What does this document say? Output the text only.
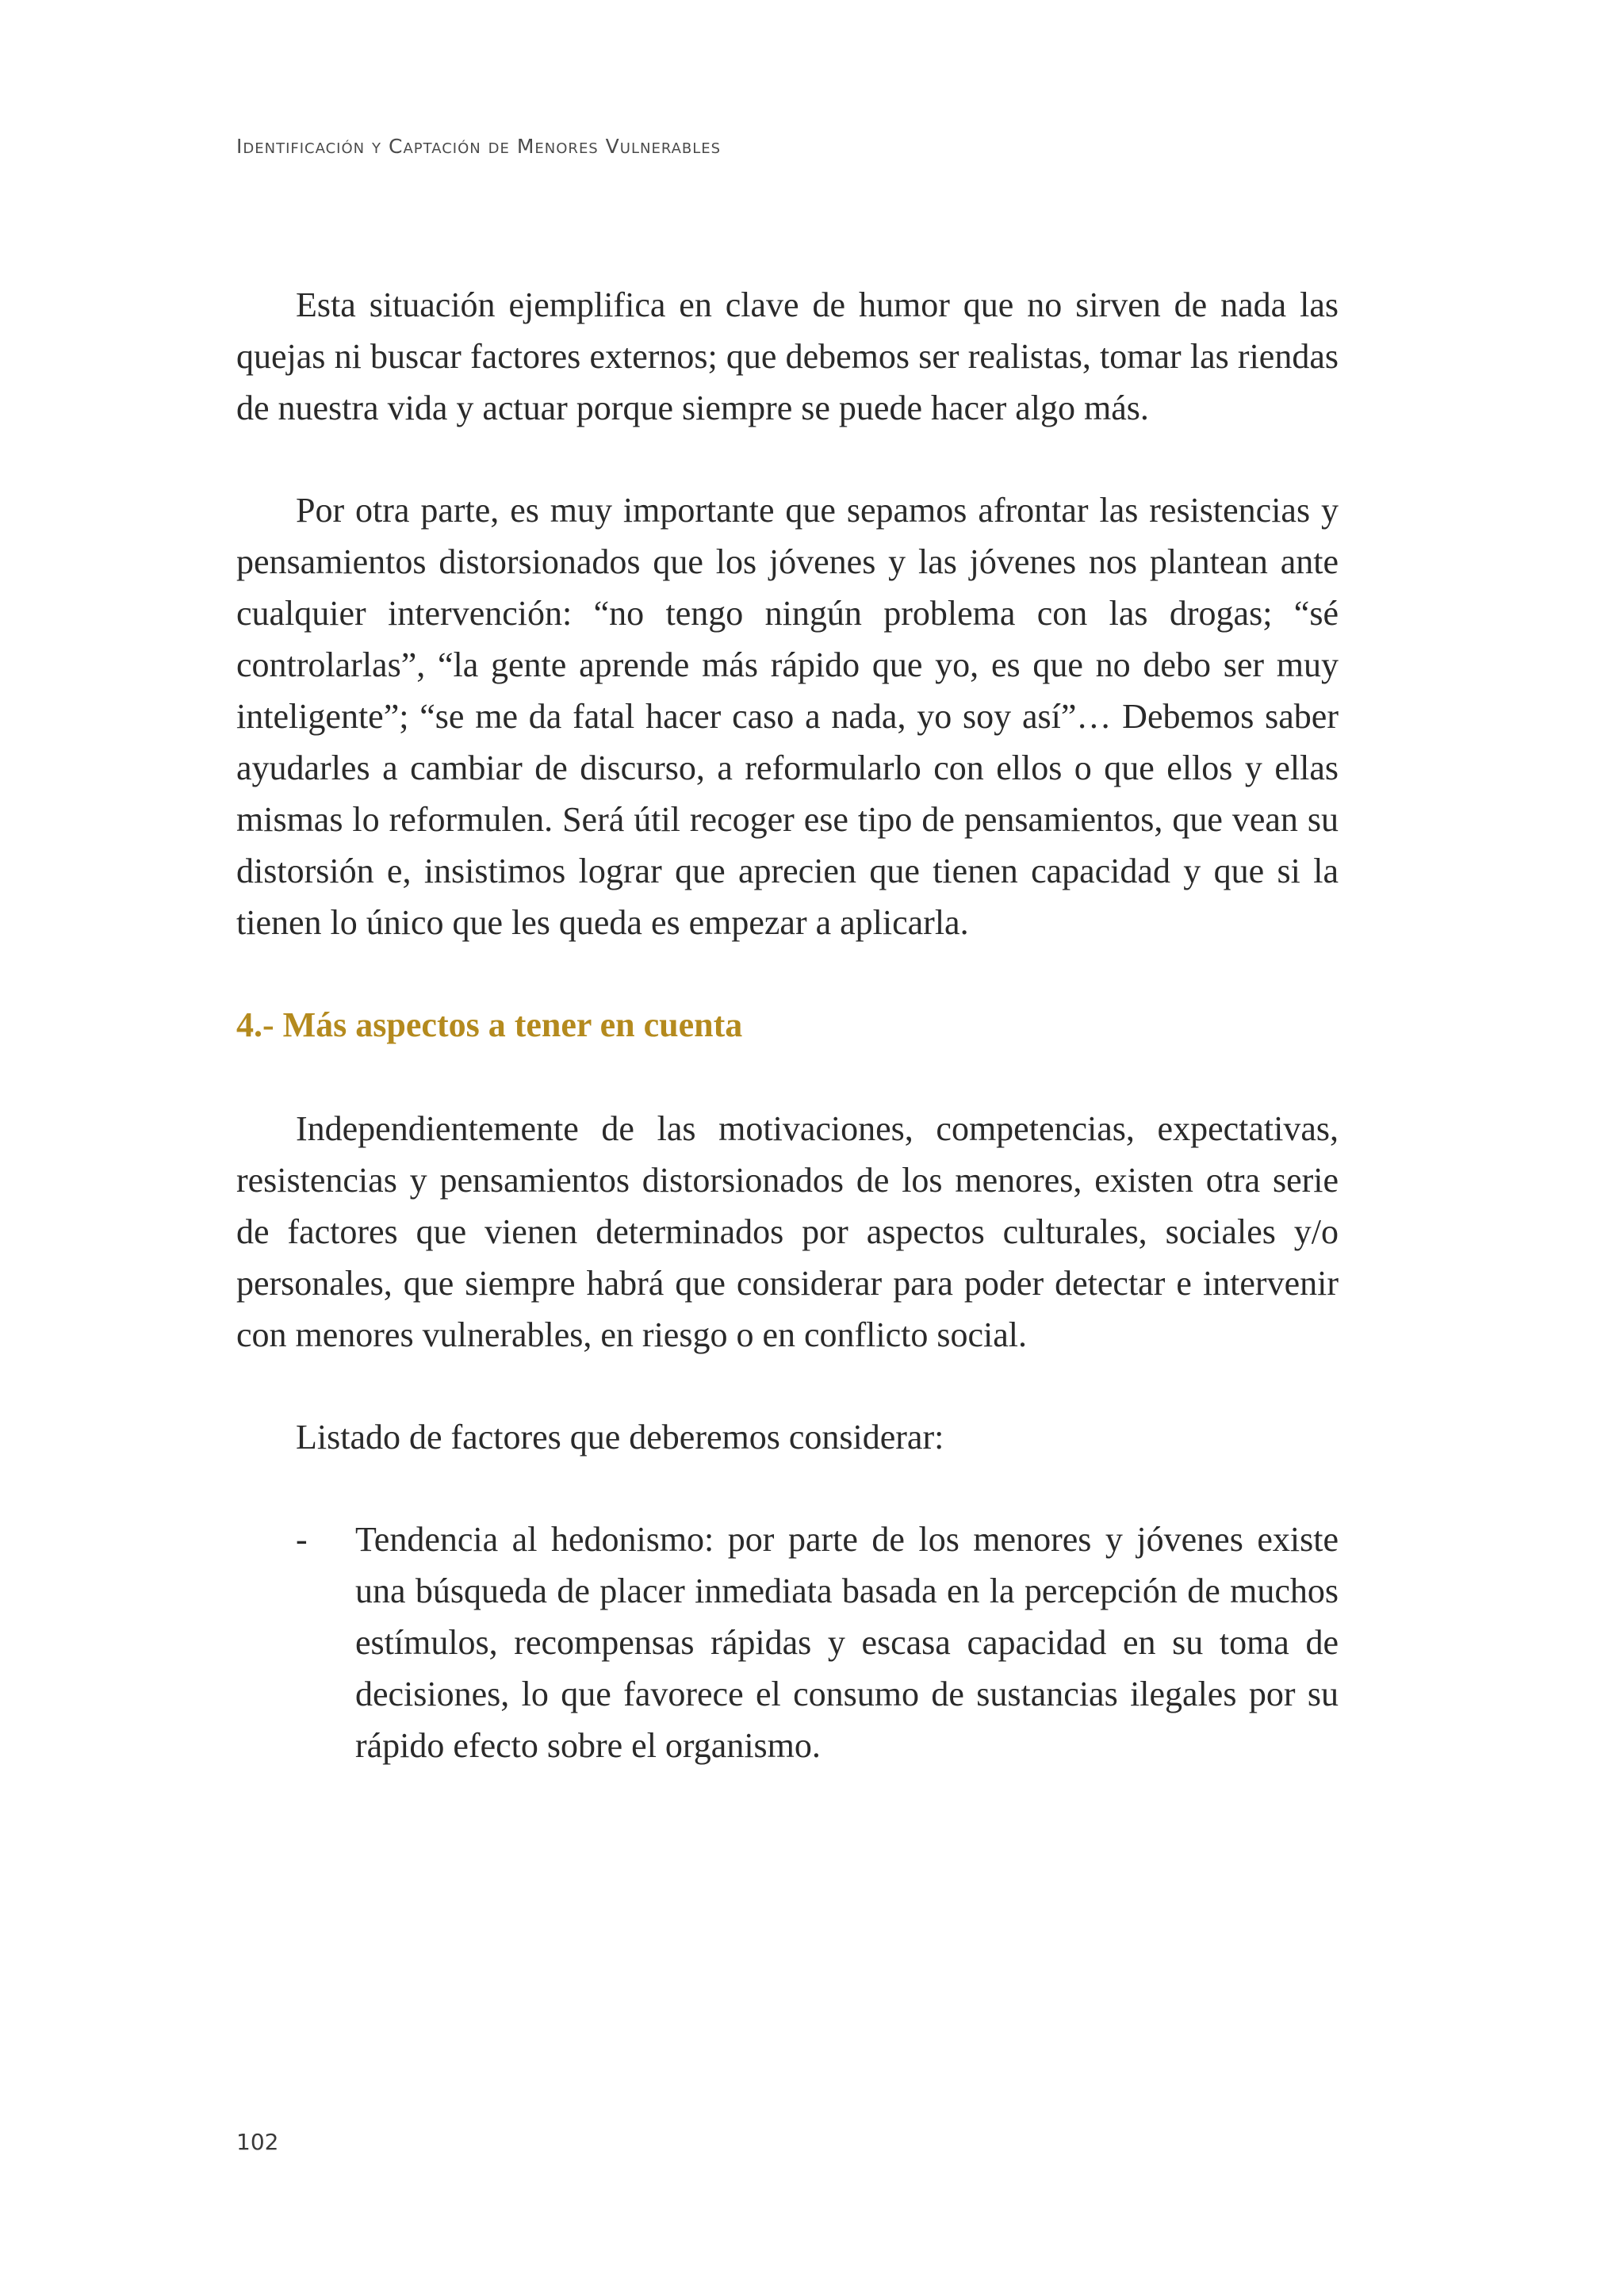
Identificación y Captación de Menores Vulnerables

Esta situación ejemplifica en clave de humor que no sirven de nada las quejas ni buscar factores externos; que debemos ser realistas, tomar las riendas de nuestra vida y actuar porque siempre se puede hacer algo más.

Por otra parte, es muy importante que sepamos afrontar las resistencias y pensamientos distorsionados que los jóvenes y las jóvenes nos plantean ante cualquier intervención: “no tengo ningún problema con las drogas; “sé controlarlas”, “la gente aprende más rápido que yo, es que no debo ser muy inteligente”; “se me da fatal hacer caso a nada, yo soy así”… Debemos saber ayudarles a cambiar de discurso, a reformularlo con ellos o que ellos y ellas mismas lo reformulen. Será útil recoger ese tipo de pensamientos, que vean su distorsión e, insistimos lograr que aprecien que tienen capacidad y que si la tienen lo único que les queda es empezar a aplicarla.

4.- Más aspectos a tener en cuenta

Independientemente de las motivaciones, competencias, expectativas, resistencias y pensamientos distorsionados de los menores, existen otra serie de factores que vienen determinados por aspectos culturales, sociales y/o personales, que siempre habrá que considerar para poder detectar e intervenir con menores vulnerables, en riesgo o en conflicto social.

Listado de factores que deberemos considerar:

-	Tendencia al hedonismo: por parte de los menores y jóvenes existe una búsqueda de placer inmediata basada en la percepción de muchos estímulos, recompensas rápidas y escasa capacidad en su toma de decisiones, lo que favorece el consumo de sustancias ilegales por su rápido efecto sobre el organismo.
102
